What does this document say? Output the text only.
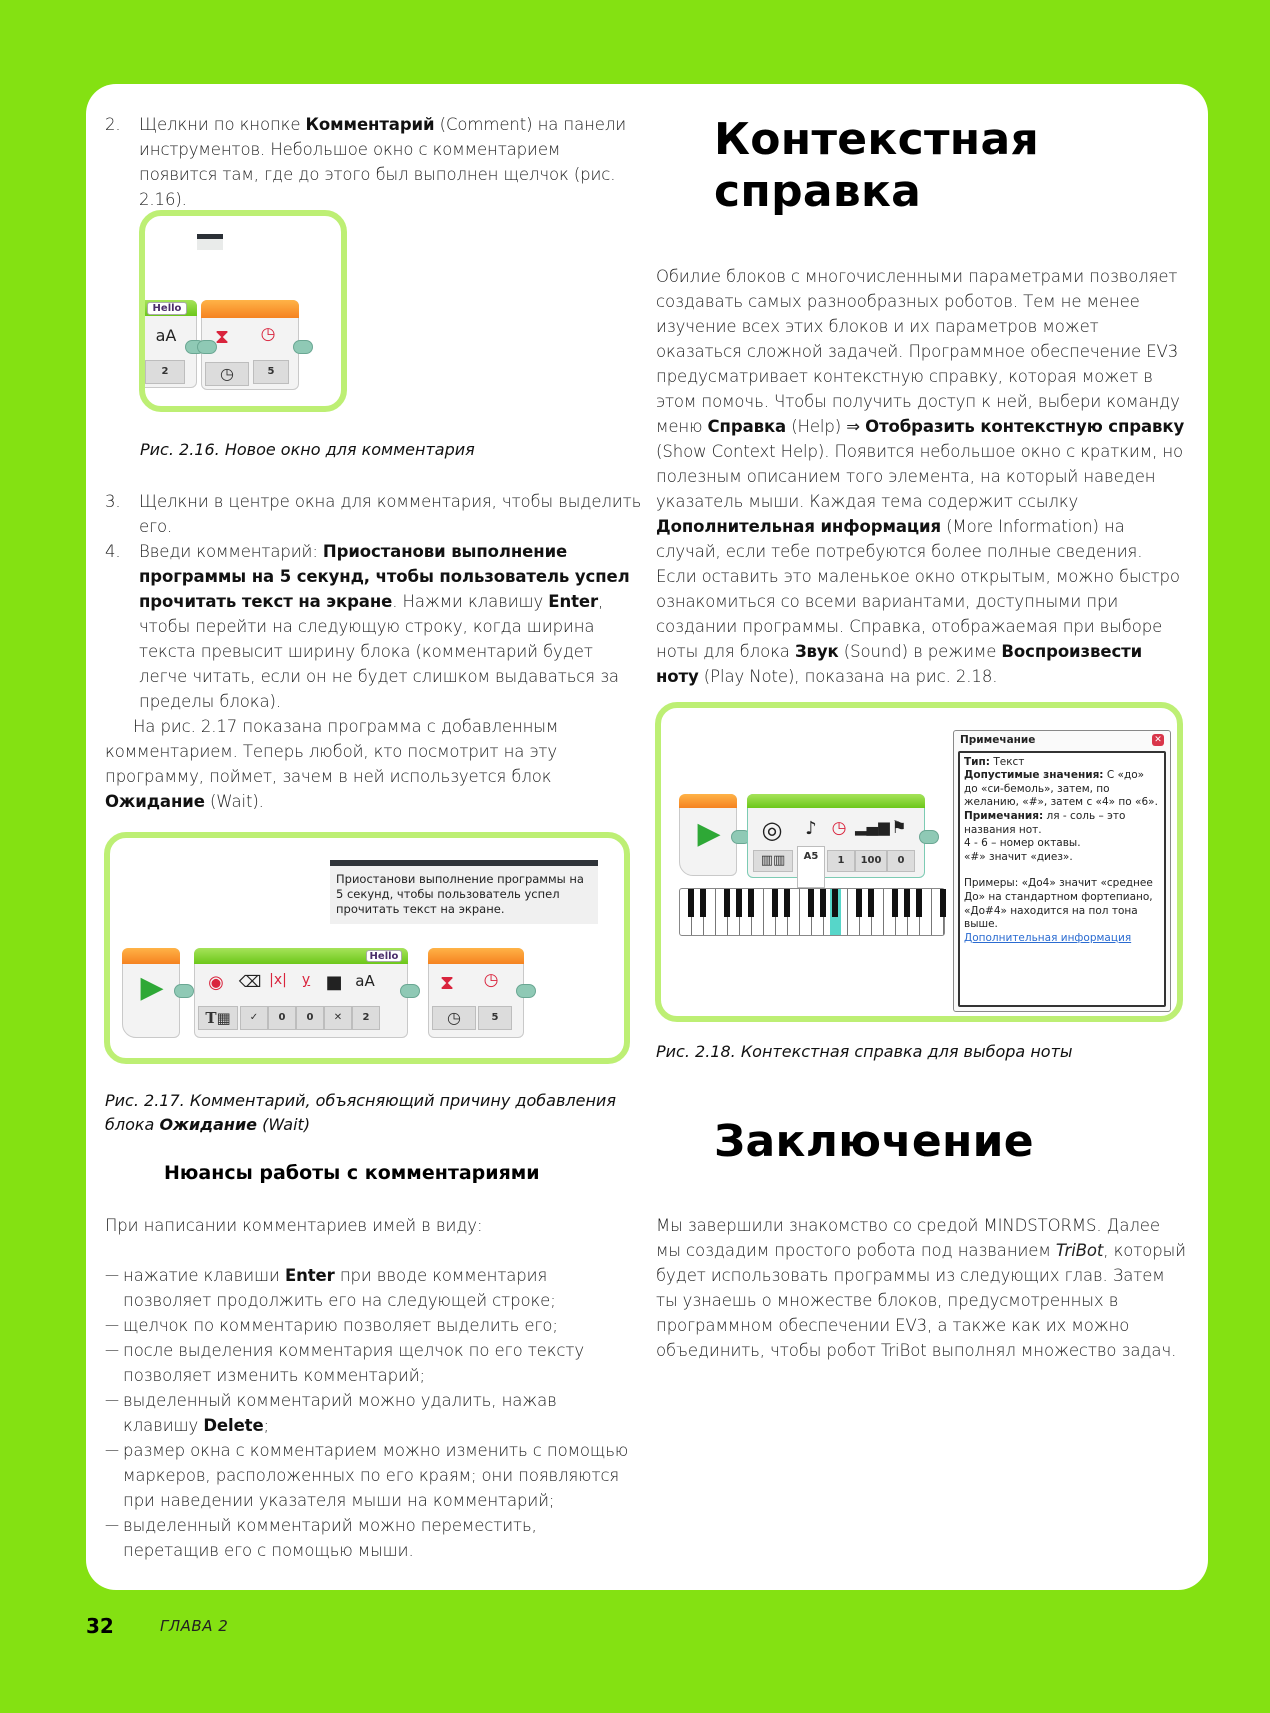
2. Щелкни по кнопке Комментарий (Comment) на панели инструментов. Небольшое окно с комментарием появится там, где до этого был выполнен щелчок (рис. 2.16).
Hello
aA
2
⧗	◷
◷	5
Рис. 2.16. Новое окно для комментария
3. Щелкни в центре окна для комментария, чтобы выделить его.
4. Введи комментарий: Приостанови выполнение программы на 5 секунд, чтобы пользователь успел прочитать текст на экране. Нажми клавишу Enter, чтобы перейти на следующую строку, когда ширина текста превысит ширину блока (комментарий будет легче читать, если он не будет слишком выдаваться за пределы блока).
На рис. 2.17 показана программа с добавленным комментарием. Теперь любой, кто посмотрит на эту программу, поймет, зачем в ней используется блок Ожидание (Wait).
Приостанови выполнение программы на 5 секунд, чтобы пользователь успел прочитать текст на экране.
▶
Hello
◉ ⌫ |x|	y ■ aA
T▦	✓	0	0	✕	2
⧗	◷
◷	5
Рис. 2.17. Комментарий, объясняющий причину добавления блока Ожидание (Wait)
Нюансы работы с комментариями
При написании комментариев имей в виду:
— нажатие клавиши Enter при вводе комментария позволяет продолжить его на следующей строке;
— щелчок по комментарию позволяет выделить его;
— после выделения комментария щелчок по его тексту позволяет изменить комментарий;
— выделенный комментарий можно удалить, нажав клавишу Delete;
— размер окна с комментарием можно изменить с помощью маркеров, расположенных по его краям; они появляются при наведении указателя мыши на комментарий;
— выделенный комментарий можно переместить, перетащив его с помощью мыши.
Контекстная
справка
Обилие блоков с многочисленными параметрами позволяет создавать самых разнообразных роботов. Тем не менее изучение всех этих блоков и их параметров может оказаться сложной задачей. Программное обеспечение EV3 предусматривает контекстную справку, которая может в этом помочь. Чтобы получить доступ к ней, выбери команду меню Справка (Help) ⇒ Отобразить контекстную справку (Show Context Help). Появится небольшое окно с кратким, но полезным описанием того элемента, на который наведен указатель мыши. Каждая тема содержит ссылку Дополнительная информация (More Information) на случай, если тебе потребуются более полные сведения. Если оставить это маленькое окно открытым, можно быстро ознакомиться со всеми вариантами, доступными при создании программы. Справка, отображаемая при выборе ноты для блока Звук (Sound) в режиме Воспроизвести ноту (Play Note), показана на рис. 2.18.
▶ ◎	♪ ◷ ▂▄▆ ⚑
▥▥	A5	1	100	0
Примечание	✕
Тип: Текст
Допустимые значения: С «до» до «си-бемоль», затем, по желанию, «#», затем с «4» по «6».
Примечания: ля - соль – это названия нот.
4 - 6 – номер октавы.
«#» значит «диез».
Примеры: «До4» значит «среднее До» на стандартном фортепиано, «До#4» находится на пол тона выше.
Дополнительная информация
Рис. 2.18. Контекстная справка для выбора ноты
Заключение
Мы завершили знакомство со средой MINDSTORMS. Далее мы создадим простого робота под названием TriBot, который будет использовать программы из следующих глав. Затем ты узнаешь о множестве блоков, предусмотренных в программном обеспечении EV3, а также как их можно объединить, чтобы робот TriBot выполнял множество задач.
32	ГЛАВА 2
